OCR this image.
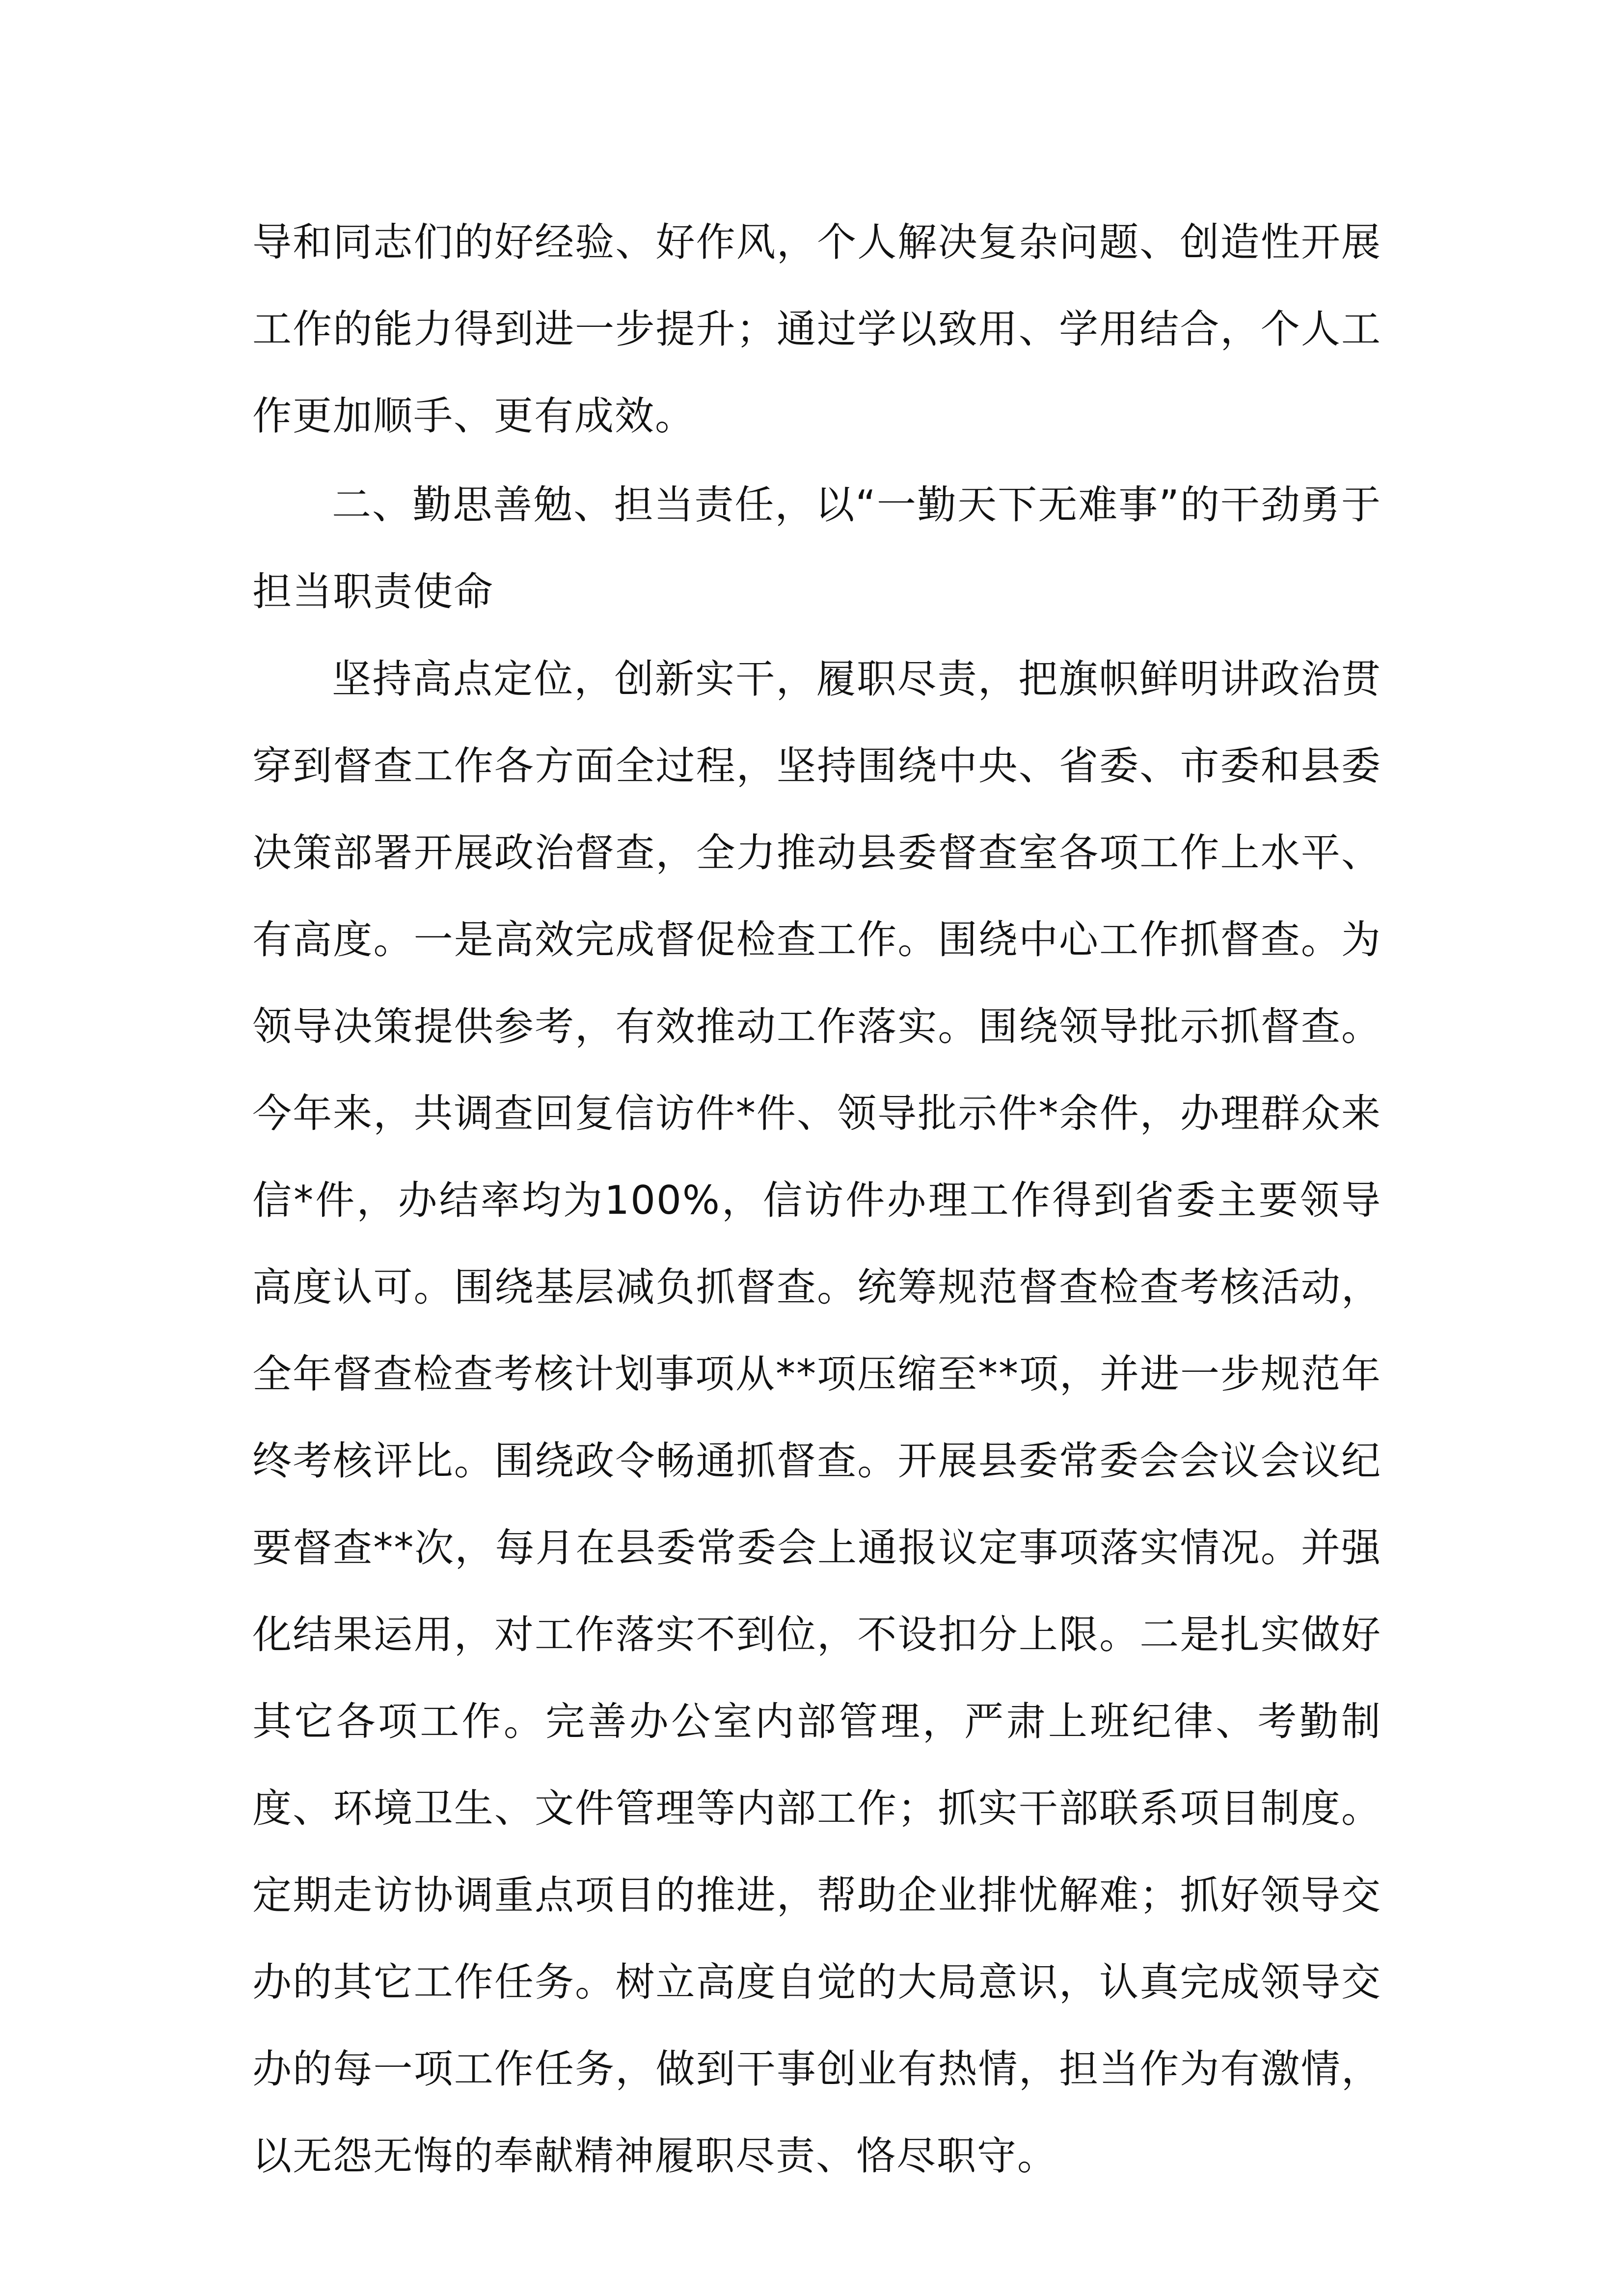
导和同志们的好经验、好作风，个人解决复杂问题、创造性开展工作的能力得到进一步提升；通过学以致用、学用结合，个人工作更加顺手、更有成效。

二、勤思善勉、担当责任，以“一勤天下无难事”的干劲勇于担当职责使命

坚持高点定位，创新实干，履职尽责，把旗帜鲜明讲政治贯穿到督查工作各方面全过程，坚持围绕中央、省委、市委和县委决策部署开展政治督查，全力推动县委督查室各项工作上水平、有高度。一是高效完成督促检查工作。围绕中心工作抓督查。为领导决策提供参考，有效推动工作落实。围绕领导批示抓督查。今年来，共调查回复信访件*件、领导批示件*余件，办理群众来信*件，办结率均为100%，信访件办理工作得到省委主要领导高度认可。围绕基层减负抓督查。统筹规范督查检查考核活动，全年督查检查考核计划事项从**项压缩至**项，并进一步规范年终考核评比。围绕政令畅通抓督查。开展县委常委会会议会议纪要督查**次，每月在县委常委会上通报议定事项落实情况。并强化结果运用，对工作落实不到位，不设扣分上限。二是扎实做好其它各项工作。完善办公室内部管理，严肃上班纪律、考勤制度、环境卫生、文件管理等内部工作；抓实干部联系项目制度。定期走访协调重点项目的推进，帮助企业排忧解难；抓好领导交办的其它工作任务。树立高度自觉的大局意识，认真完成领导交办的每一项工作任务，做到干事创业有热情，担当作为有激情，以无怨无悔的奉献精神履职尽责、恪尽职守。
